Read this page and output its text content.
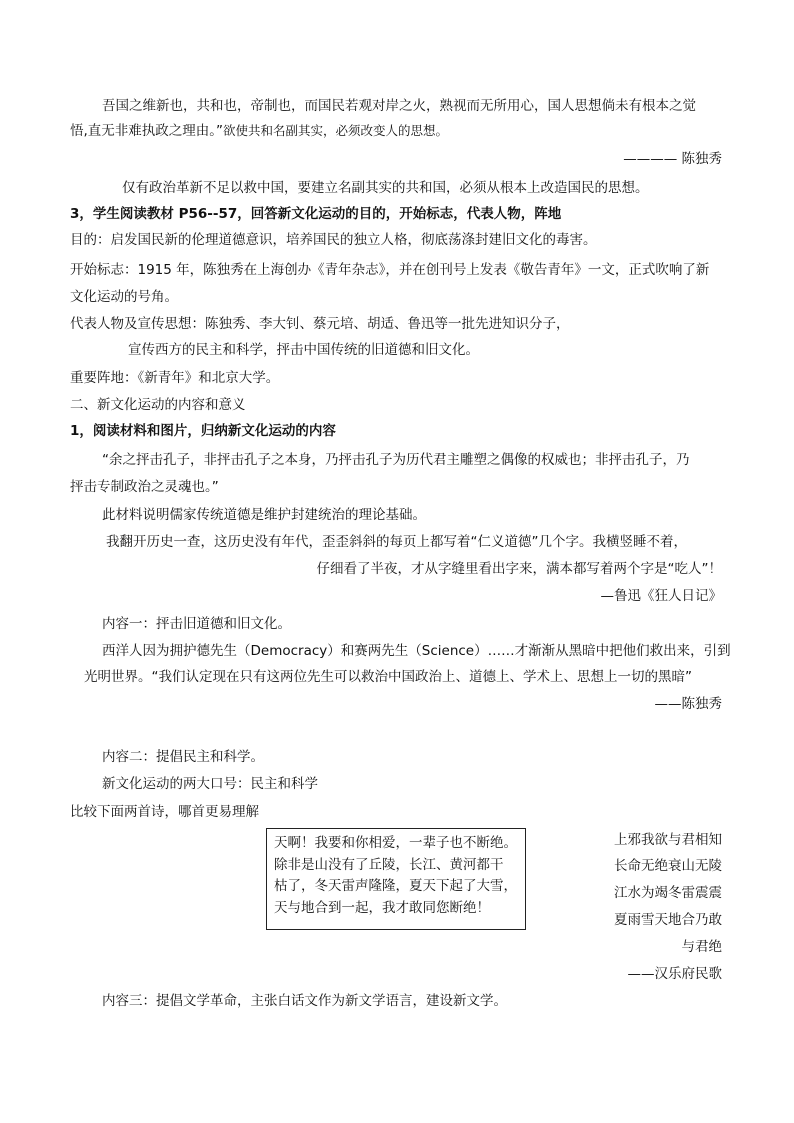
吾国之维新也，共和也，帝制也，而国民若观对岸之火，熟视而无所用心，国人思想倘未有根本之觉
悟,直无非难执政之理由。”欲使共和名副其实，必须改变人的思想。
———— 陈独秀
仅有政治革新不足以救中国，要建立名副其实的共和国，必须从根本上改造国民的思想。
3，学生阅读教材 P56--57，回答新文化运动的目的，开始标志，代表人物，阵地
目的：启发国民新的伦理道德意识，培养国民的独立人格，彻底荡涤封建旧文化的毒害。
开始标志：1915 年，陈独秀在上海创办《青年杂志》，并在创刊号上发表《敬告青年》一文，正式吹响了新
文化运动的号角。
代表人物及宣传思想：陈独秀、李大钊、蔡元培、胡适、鲁迅等一批先进知识分子，
宣传西方的民主和科学，抨击中国传统的旧道德和旧文化。
重要阵地：《新青年》和北京大学。
二、新文化运动的内容和意义
1，阅读材料和图片，归纳新文化运动的内容
“余之抨击孔子，非抨击孔子之本身，乃抨击孔子为历代君主雕塑之偶像的权威也；非抨击孔子，乃
抨击专制政治之灵魂也。”
此材料说明儒家传统道德是维护封建统治的理论基础。
我翻开历史一查，这历史没有年代，歪歪斜斜的每页上都写着“仁义道德”几个字。我横竖睡不着，
仔细看了半夜，才从字缝里看出字来，满本都写着两个字是“吃人”！
—鲁迅《狂人日记》
内容一：抨击旧道德和旧文化。
西洋人因为拥护德先生（Democracy）和赛两先生（Science）……才渐渐从黑暗中把他们救出来，引到
光明世界。“我们认定现在只有这两位先生可以救治中国政治上、道德上、学术上、思想上一切的黑暗”
——陈独秀
内容二：提倡民主和科学。
新文化运动的两大口号：民主和科学
比较下面两首诗，哪首更易理解
天啊！我要和你相爱，一辈子也不断绝。
除非是山没有了丘陵，长江、黄河都干
枯了，冬天雷声隆隆，夏天下起了大雪，
天与地合到一起，我才敢同您断绝！
上邪我欲与君相知
长命无绝衰山无陵
江水为竭冬雷震震
夏雨雪天地合乃敢
与君绝
——汉乐府民歌
内容三：提倡文学革命，主张白话文作为新文学语言，建设新文学。
